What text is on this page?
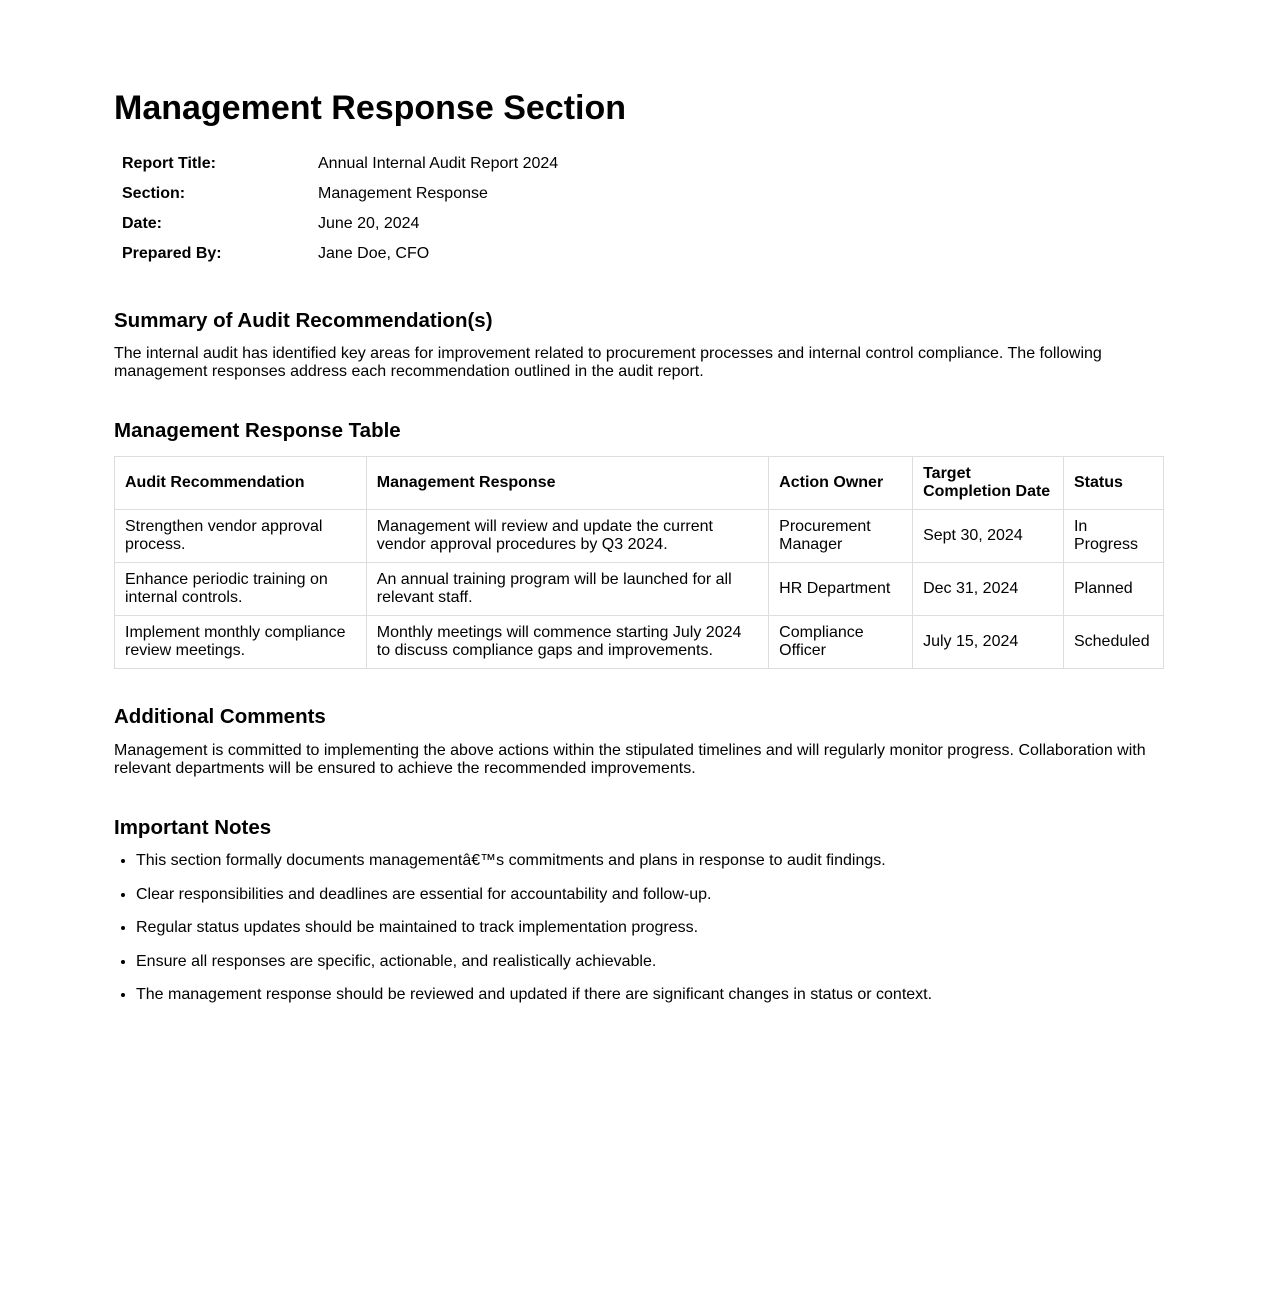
Management Response Section
Report Title:	Annual Internal Audit Report 2024
Section:	Management Response
Date:	June 20, 2024
Prepared By:	Jane Doe, CFO
Summary of Audit Recommendation(s)

The internal audit has identified key areas for improvement related to procurement processes and internal control compliance. The following management responses address each recommendation outlined in the audit report.

Management Response Table
Audit Recommendation	Management Response	Action Owner	Target Completion Date	Status
Strengthen vendor approval process.	Management will review and update the current vendor approval procedures by Q3 2024.	Procurement Manager	Sept 30, 2024	In Progress
Enhance periodic training on internal controls.	An annual training program will be launched for all relevant staff.	HR Department	Dec 31, 2024	Planned
Implement monthly compliance review meetings.	Monthly meetings will commence starting July 2024 to discuss compliance gaps and improvements.	Compliance Officer	July 15, 2024	Scheduled
Additional Comments

Management is committed to implementing the above actions within the stipulated timelines and will regularly monitor progress. Collaboration with relevant departments will be ensured to achieve the recommended improvements.

Important Notes
• This section formally documents managementâ€™s commitments and plans in response to audit findings.
• Clear responsibilities and deadlines are essential for accountability and follow-up.
• Regular status updates should be maintained to track implementation progress.
• Ensure all responses are specific, actionable, and realistically achievable.
• The management response should be reviewed and updated if there are significant changes in status or context.
